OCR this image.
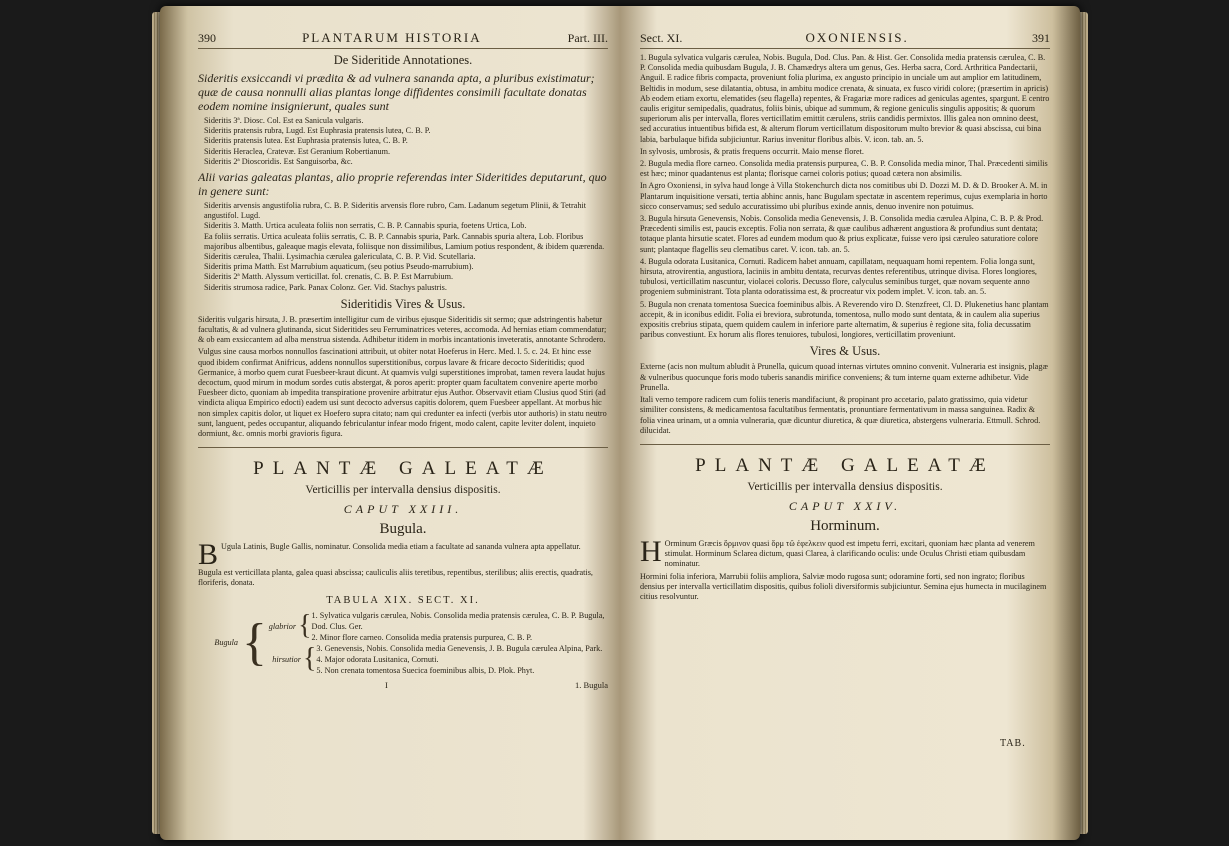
390	PLANTARUM HISTORIA	Part. III.
De Sideritide Annotationes.
Sideritis exsiccandi vi prædita & ad vulnera sananda apta, a pluribus existimatur; quæ de causa nonnulli alias plantas longe diffidentes consimili facultate donatas eodem nomine insignierunt, quales sunt
Sideritis 3ª. Diosc. Col. Est ea Sanicula vulgaris.
Sideritis pratensis rubra, Lugd. Est Euphrasia pratensis lutea, C. B. P.
Sideritis pratensis lutea. Est Euphrasia pratensis lutea, C. B. P.
Sideritis Heraclea, Cratevæ. Est Geranium Robertianum.
Sideritis 2ª Dioscoridis. Est Sanguisorba, &c.
Alii varias galeatas plantas, alio proprie referendas inter Sideritides deputarunt, quo in genere sunt:
Sideritis arvensis angustifolia rubra, C. B. P. Sideritis arvensis flore rubro, Cam. Ladanum segetum Plinii, & Tetrahit angustifol. Lugd.
Sideritis 3. Matth. Urtica aculeata foliis non serratis, C. B. P. Cannabis spuria, foetens Urtica, Lob.
Ea foliis serratis. Urtica aculeata foliis serratis, C. B. P. Cannabis spuria, Park. Cannabis spuria altera, Lob. Floribus majoribus albentibus, galeaque magis elevata, foliisque non dissimilibus, Lamium potius respondent, & ibidem quærenda.
Sideritis cærulea, Thalii. Lysimachia cærulea galericulata, C. B. P. Vid. Scutellaria.
Sideritis prima Matth. Est Marrubium aquaticum, (seu potius Pseudo-marrubium).
Sideritis 2ª Matth. Alyssum verticillat. fol. crenatis, C. B. P. Est Marrubium.
Sideritis strumosa radice, Park. Panax Colonz. Ger. Vid. Stachys palustris.
Sideritidis Vires & Usus.

Sideritis vulgaris hirsuta, J. B. præsertim intelligitur cum de viribus ejusque Sideritidis sit sermo; quæ adstringentis habetur facultatis, & ad vulnera glutinanda, sicut Sideritides seu Ferruminatrices veteres, accomoda. Ad hernias etiam commendatur; & ob eam exsiccantem ad alba menstrua sistenda. Adhibetur itidem in morbis incantationis inveteratis, annotante Schrodero.

Vulgus sine causa morbos nonnullos fascinationi attribuit, ut obiter notat Hoeferus in Herc. Med. l. 5. c. 24. Et hinc esse quod ibidem confirmat Anifricus, addens nonnullos superstitionibus, corpus lavare & fricare decocto Sideritidis; quod Germanice, à morbo quem curat Fuesbeer-kraut dicunt. At quamvis vulgi superstitiones improbat, tamen revera laudat hujus decoctum, quod mirum in modum sordes cutis abstergat, & poros aperit: propter quam facultatem convenire aperte morbo Fuesbeer dicto, quoniam ab impedita transpiratione provenire arbitratur ejus Author. Observavit etiam Clusius quod Stiri (ad vindicta aliqua Empirico edocti) eadem usi sunt decocto adversus capitis dolorem, quem Fuesbeer appellant. At morbus hic non simplex capitis dolor, ut liquet ex Hoefero supra citato; nam qui credunter ea infecti (verbis utor authoris) in statu neutro sunt, languent, pedes occupantur, aliquando febriculantur infear modo frigent, modo calent, capite leviter dolent, inquieto dormiunt, &c. omnis morbi gravioris figura.

PLANTÆ GALEATÆ
Verticillis per intervalla densius dispositis.
CAPUT XXIII.
Bugula.

B Ugula Latinis, Bugle Gallis, nominatur. Consolida media etiam a facultate ad sananda vulnera apta appellatur.

Bugula est verticillata planta, galea quasi abscissa; cauliculis aliis teretibus, repentibus, sterilibus; aliis erectis, quadratis, floriferis, donata.

TABULA XIX. SECT. XI.
Bugula { glabrior { 1. Sylvatica vulgaris cærulea, Nobis. Consolida media pratensis cærulea, C. B. P. Bugula, Dod. Clus. Ger.
2. Minor flore carneo. Consolida media pratensis purpurea, C. B. P.
hirsutior { 3. Genevensis, Nobis. Consolida media Genevensis, J. B. Bugula cærulea Alpina, Park.
4. Major odorata Lusitanica, Cornuti.
5. Non crenata tomentosa Suecica foeminibus albis, D. Plok. Phyt.
I	1. Bugula
Sect. XI.	OXONIENSIS.	391

1. Bugula sylvatica vulgaris cærulea, Nobis. Bugula, Dod. Clus. Pan. & Hist. Ger. Consolida media pratensis cærulea, C. B. P. Consolida media quibusdam Bugula, J. B. Chamædrys altera um genus, Ges. Herba sacra, Cord. Arthritica Pandectarii, Anguil. E radice fibris compacta, proveniunt folia plurima, ex angusto principio in unciale um aut amplior em latitudinem, Beltidis in modum, sese dilatantia, obtusa, in ambitu modice crenata, & sinuata, ex fusco viridi colore; (præsertim in apricis) Ab eodem etiam exortu, elematides (seu flagella) repentes, & Fragariæ more radices ad geniculas agentes, spargunt. E centro caulis erigitur semipedalis, quadratus, foliis binis, ubique ad summum, & regione geniculis singulis appositis; & quorum superiorum alis per intervalla, flores verticillatim emittit cærulens, striis candidis permixtos. Illis galea non omnino deest, sed accuratius intuentibus bifida est, & alterum florum verticillatum dispositorum multo brevior & quasi abscissa, cui bina labia, barbulaque bifida subjiciuntur. Rarius invenitur floribus albis. V. icon. tab. an. 5.

In sylvosis, umbrosis, & pratis frequens occurrit. Maio mense floret.

2. Bugula media flore carneo. Consolida media pratensis purpurea, C. B. P. Consolida media minor, Thal. Præcedenti similis est hæc; minor quadantenus est planta; florisque carnei coloris potius; quoad cætera non absimilis.

In Agro Oxoniensi, in sylva haud longe à Villa Stokenchurch dicta nos comitibus ubi D. Dozzi M. D. & D. Brooker A. M. in Plantarum inquisitione versati, tertia abhinc annis, hanc Bugulam spectatæ in ascentem reperimus, cujus exemplaria in horto sicco conservamus; sed sedulo accuratissimo ubi pluribus exinde annis, denuo invenire non potuimus.

3. Bugula hirsuta Genevensis, Nobis. Consolida media Genevensis, J. B. Consolida media cærulea Alpina, C. B. P. & Prod. Præcedenti similis est, paucis exceptis. Folia non serrata, & quæ caulibus adhærent angustiora & profundius sunt dentata; totaque planta hirsutie scatet. Flores ad eundem modum quo & prius explicatæ, fuisse vero ipsi cæruleo saturatiore colore sunt; plantaque flagellis seu clematibus caret. V. icon. tab. an. 5.

4. Bugula odorata Lusitanica, Cornuti. Radicem habet annuam, capillatam, nequaquam homi repentem. Folia longa sunt, hirsuta, atrovirentia, angustiora, laciniis in ambitu dentata, recurvas dentes referentibus, utrinque divisa. Flores longiores, tubulosi, verticillatim nascuntur, violacei coloris. Decusso flore, calyculus seminibus turget, quæ novam sequente anno progeniem subministrant. Tota planta odoratissima est, & procreatur vix podem implet. V. icon. tab. an. 5.

5. Bugula non crenata tomentosa Suecica foeminibus albis. A Reverendo viro D. Stenzfreet, Cl. D. Plukenetius hanc plantam accepit, & in iconibus edidit. Folia ei breviora, subrotunda, tomentosa, nullo modo sunt dentata, & in caulem alia superius expositis crebrius stipata, quem quidem caulem in inferiore parte alternatim, & superius è regione sita, folia decussatim paribus convestiunt. Ex horum alis flores tenuiores, tubulosi, longiores, verticillatim proveniunt.

Vires & Usus.

Externe (acis non multum abludit à Prunella, quicum quoad internas virtutes omnino convenit. Vulneraria est insignis, plagæ & vulneribus quocunque foris modo tuberis sanandis mirifice conveniens; & tum interne quam externe adhibetur. Vide Prunella.

Itali verno tempore radicem cum foliis teneris mandifaciunt, & propinant pro accetario, palato gratissimo, quia videtur similiter consistens, & medicamentosa facultatibus fermentatis, pronuntiare fermentativum in massa sanguinea. Radix & folia vinea urinam, ut a omnia vulneraria, quæ dicuntur diuretica, & quæ diuretica, abstergens vulneraria. Ettmull. Schrod. dilucidat.

PLANTÆ GALEATÆ
Verticillis per intervalla densius dispositis.
CAPUT XXIV.
Horminum.

H Orminum Græcis ὅρμινον quasi ὅρμ τῶ ἐφελκειν quod est impetu ferri, excitari, quoniam hæc planta ad venerem stimulat. Horminum Sclarea dictum, quasi Clarea, à clarificando oculis: unde Oculus Christi etiam quibusdam nominatur.

Hormini folia inferiora, Marrubii foliis ampliora, Salviæ modo rugosa sunt; odoramine forti, sed non ingrato; floribus densius per intervalla verticillatim dispositis, quibus folioli diversiformis subjiciuntur. Semina ejus humecta in mucilaginem citius resolvuntur.

TAB.
